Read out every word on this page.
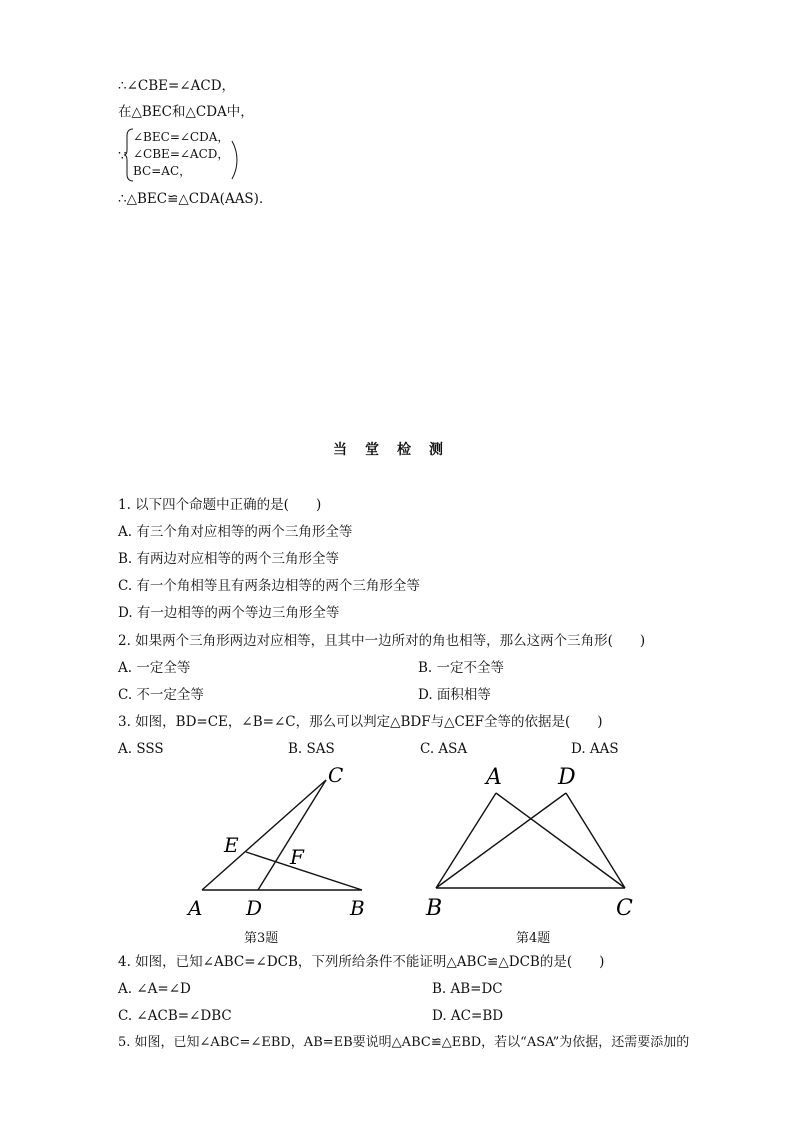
∴∠CBE=∠ACD，
在△BEC和△CDA中，
∵
∠BEC=∠CDA，
∠CBE=∠ACD，
BC=AC，
∴△BEC≌△CDA(AAS)．
当堂检测
1. 以下四个命题中正确的是(　　)
A. 有三个角对应相等的两个三角形全等
B. 有两边对应相等的两个三角形全等
C. 有一个角相等且有两条边相等的两个三角形全等
D. 有一边相等的两个等边三角形全等
2. 如果两个三角形两边对应相等，且其中一边所对的角也相等，那么这两个三角形(　　)
A. 一定全等	B. 一定不全等
C. 不一定全等	D. 面积相等
3. 如图，BD=CE，∠B=∠C，那么可以判定△BDF与△CEF全等的依据是(　　)
A. SSS	B. SAS	C. ASA	D. AAS
A D	B
C
E	F
第3题
A	D
B	C
第4题
4. 如图，已知∠ABC=∠DCB，下列所给条件不能证明△ABC≌△DCB的是(　　)
A. ∠A=∠D	B. AB=DC
C. ∠ACB=∠DBC	D. AC=BD
5. 如图，已知∠ABC=∠EBD，AB=EB要说明△ABC≌△EBD，若以“ASA”为依据，还需要添加的
